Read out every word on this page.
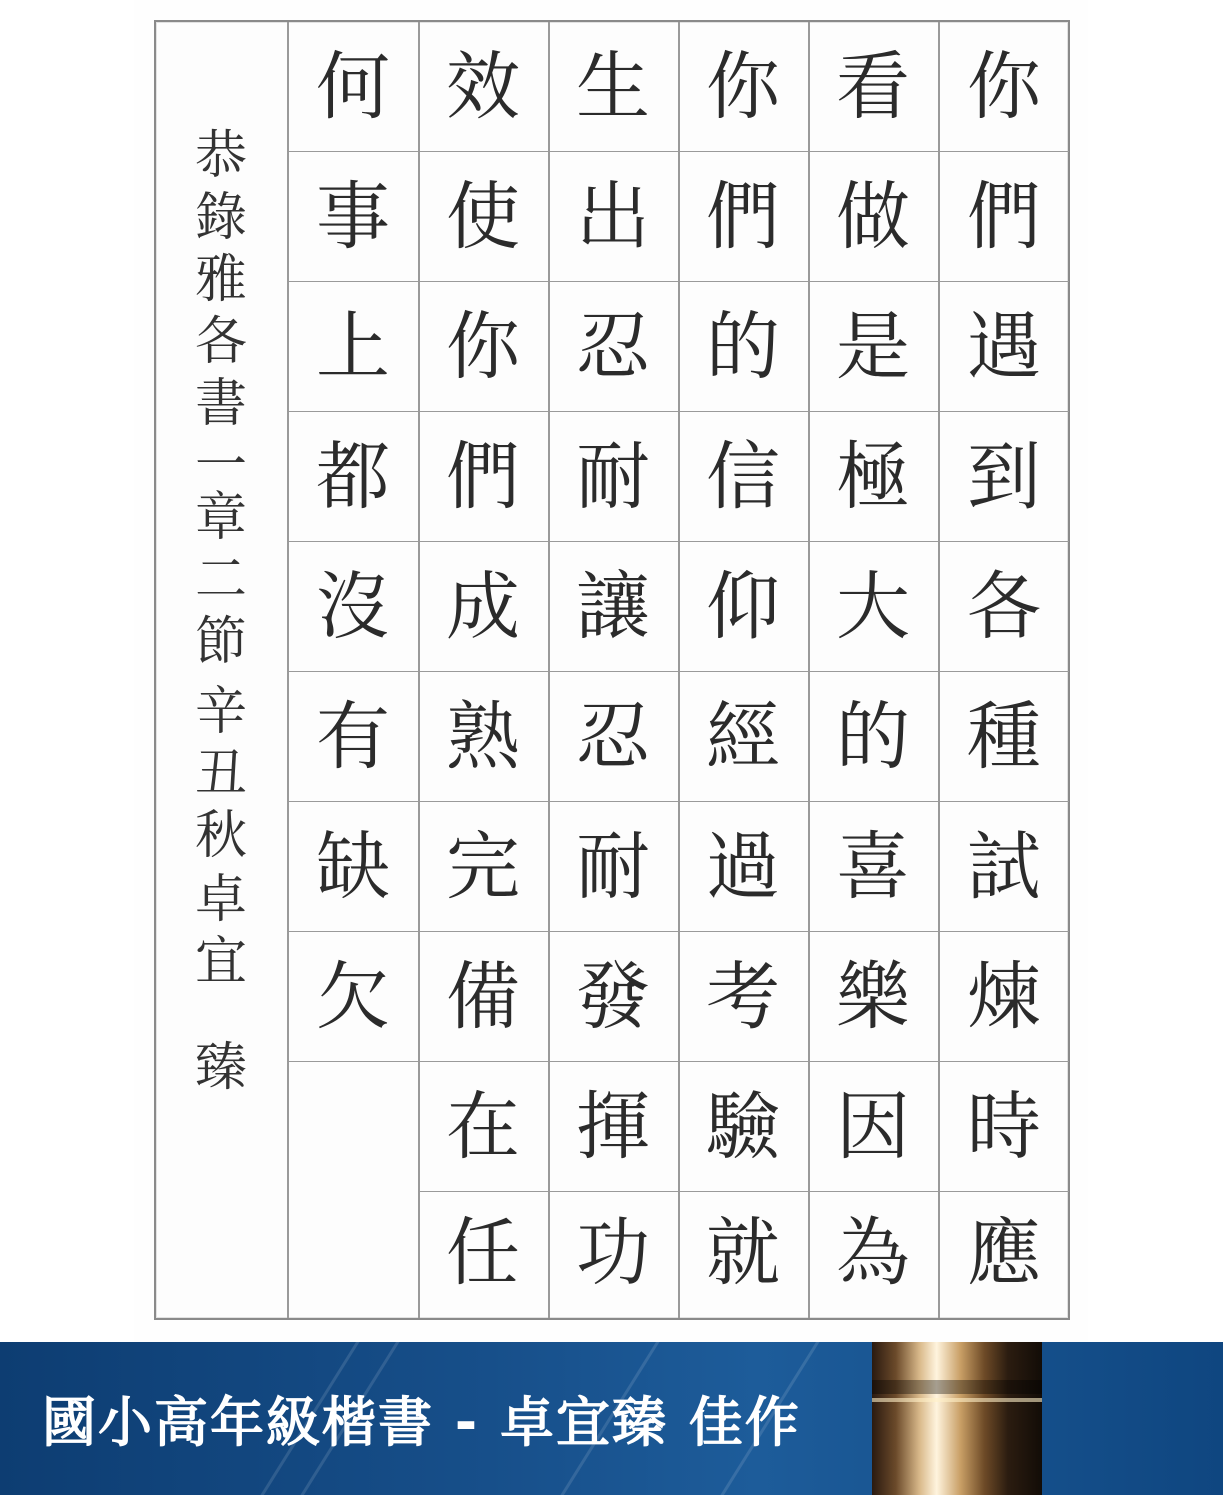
你
們
遇
到
各
種
試
煉
時
應
看
做
是
極
大
的
喜
樂
因
為
你
們
的
信
仰
經
過
考
驗
就
生
出
忍
耐
讓
忍
耐
發
揮
功
效
使
你
們
成
熟
完
備
在
任
何
事
上
都
沒
有
缺
欠
恭
錄
雅
各
書
一
章
二
節
辛
丑
秋
卓
宜
臻
國小高年級楷書 - 卓宜臻 佳作
